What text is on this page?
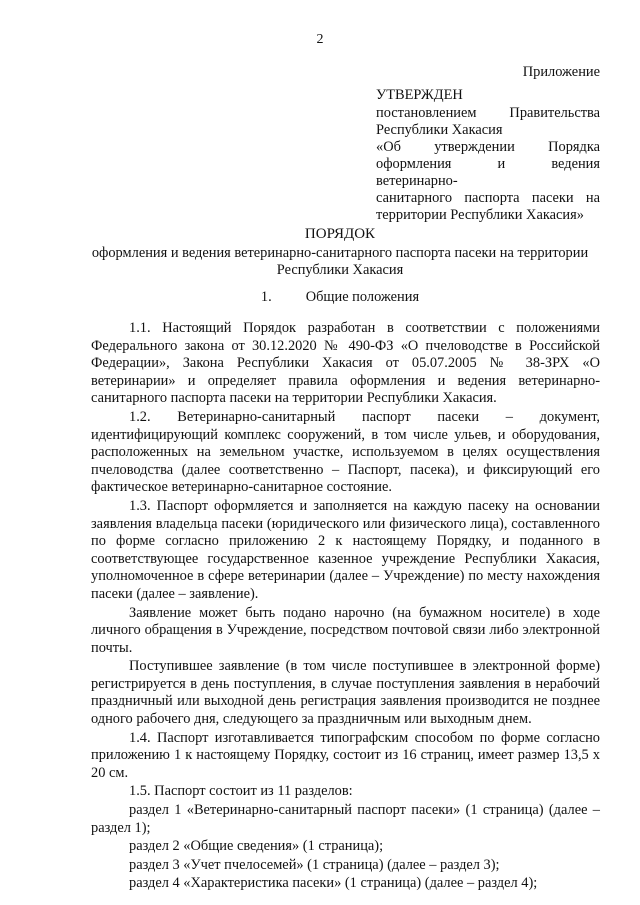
2
Приложение
УТВЕРЖДЕН
постановлением Правительства
Республики Хакасия
«Об утверждении Порядка
оформления и ведения ветеринарно-
санитарного паспорта пасеки на
территории Республики Хакасия»
ПОРЯДОК
оформления и ведения ветеринарно-санитарного паспорта пасеки на территории Республики Хакасия
1. Общие положения

1.1. Настоящий Порядок разработан в соответствии с положениями Федерального закона от 30.12.2020 № 490-ФЗ «О пчеловодстве в Российской Федерации», Закона Республики Хакасия от 05.07.2005 № 38-ЗРХ «О ветеринарии» и определяет правила оформления и ведения ветеринарно-санитарного паспорта пасеки на территории Республики Хакасия.

1.2. Ветеринарно-санитарный паспорт пасеки – документ, идентифицирующий комплекс сооружений, в том числе ульев, и оборудования, расположенных на земельном участке, используемом в целях осуществления пчеловодства (далее соответственно – Паспорт, пасека), и фиксирующий его фактическое ветеринарно-санитарное состояние.

1.3. Паспорт оформляется и заполняется на каждую пасеку на основании заявления владельца пасеки (юридического или физического лица), составленного по форме согласно приложению 2 к настоящему Порядку, и поданного в соответствующее государственное казенное учреждение Республики Хакасия, уполномоченное в сфере ветеринарии (далее – Учреждение) по месту нахождения пасеки (далее – заявление).

Заявление может быть подано нарочно (на бумажном носителе) в ходе личного обращения в Учреждение, посредством почтовой связи либо электронной почты.

Поступившее заявление (в том числе поступившее в электронной форме) регистрируется в день поступления, в случае поступления заявления в нерабочий праздничный или выходной день регистрация заявления производится не позднее одного рабочего дня, следующего за праздничным или выходным днем.

1.4. Паспорт изготавливается типографским способом по форме согласно приложению 1 к настоящему Порядку, состоит из 16 страниц, имеет размер 13,5 х 20 см.

1.5. Паспорт состоит из 11 разделов:

раздел 1 «Ветеринарно-санитарный паспорт пасеки» (1 страница) (далее – раздел 1);

раздел 2 «Общие сведения» (1 страница);

раздел 3 «Учет пчелосемей» (1 страница) (далее – раздел 3);

раздел 4 «Характеристика пасеки» (1 страница) (далее – раздел 4);
